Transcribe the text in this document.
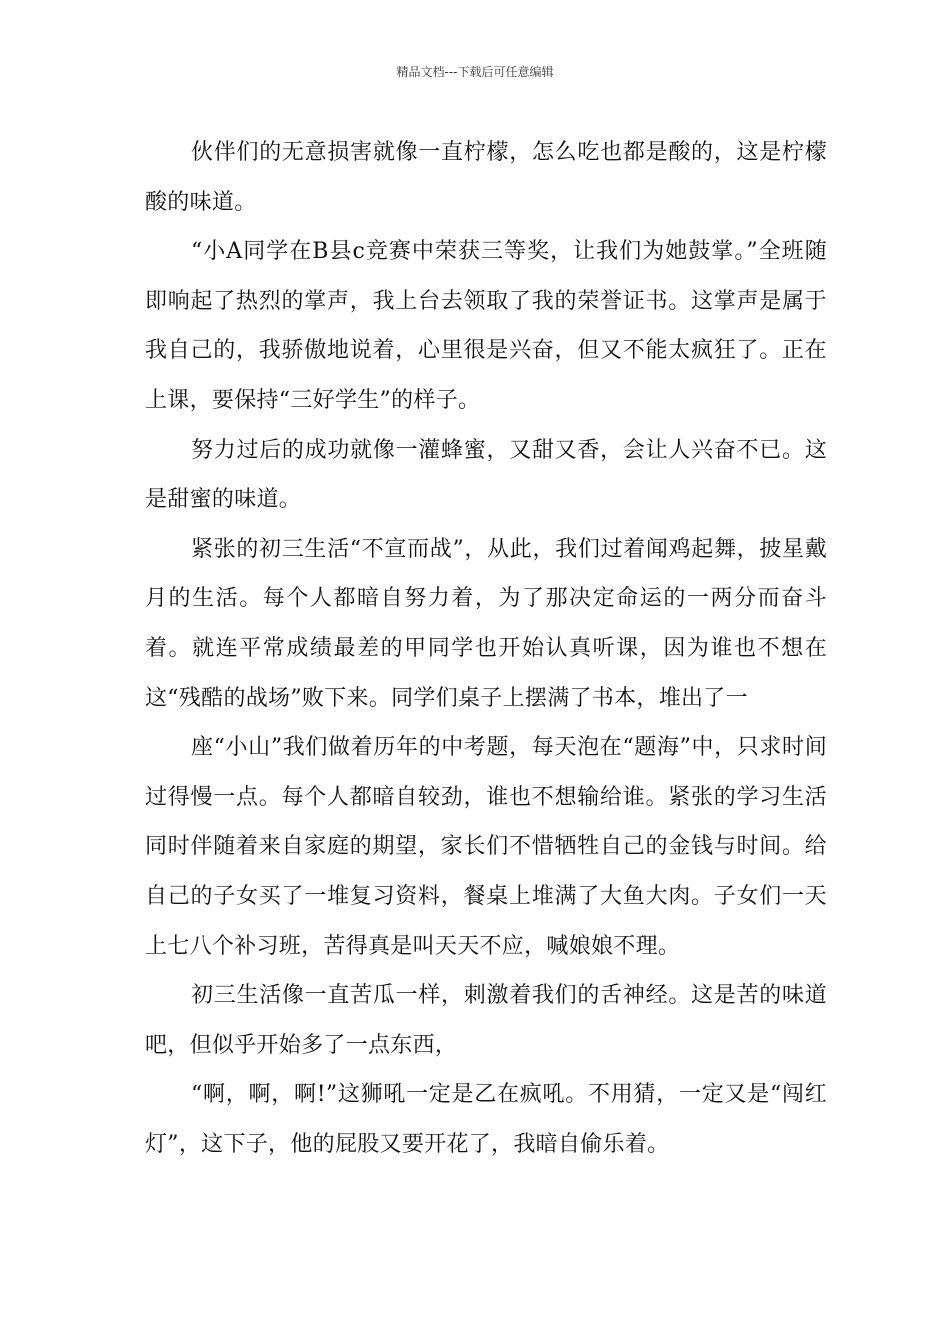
精品文档---下载后可任意编辑

伙伴们的无意损害就像一直柠檬，怎么吃也都是酸的，这是柠檬酸的味道。

“小A同学在B县c竞赛中荣获三等奖，让我们为她鼓掌。”全班随即响起了热烈的掌声，我上台去领取了我的荣誉证书。这掌声是属于我自己的，我骄傲地说着，心里很是兴奋，但又不能太疯狂了。正在上课，要保持“三好学生”的样子。

努力过后的成功就像一灌蜂蜜，又甜又香，会让人兴奋不已。这是甜蜜的味道。

紧张的初三生活“不宣而战”，从此，我们过着闻鸡起舞，披星戴月的生活。每个人都暗自努力着，为了那决定命运的一两分而奋斗着。就连平常成绩最差的甲同学也开始认真听课，因为谁也不想在这“残酷的战场”败下来。同学们桌子上摆满了书本，堆出了一

座“小山”我们做着历年的中考题，每天泡在“题海”中，只求时间过得慢一点。每个人都暗自较劲，谁也不想输给谁。紧张的学习生活同时伴随着来自家庭的期望，家长们不惜牺牲自己的金钱与时间。给自己的子女买了一堆复习资料，餐桌上堆满了大鱼大肉。子女们一天上七八个补习班，苦得真是叫天天不应，喊娘娘不理。

初三生活像一直苦瓜一样，刺激着我们的舌神经。这是苦的味道吧，但似乎开始多了一点东西，

“啊，啊，啊!”这狮吼一定是乙在疯吼。不用猜，一定又是“闯红灯”，这下子，他的屁股又要开花了，我暗自偷乐着。
